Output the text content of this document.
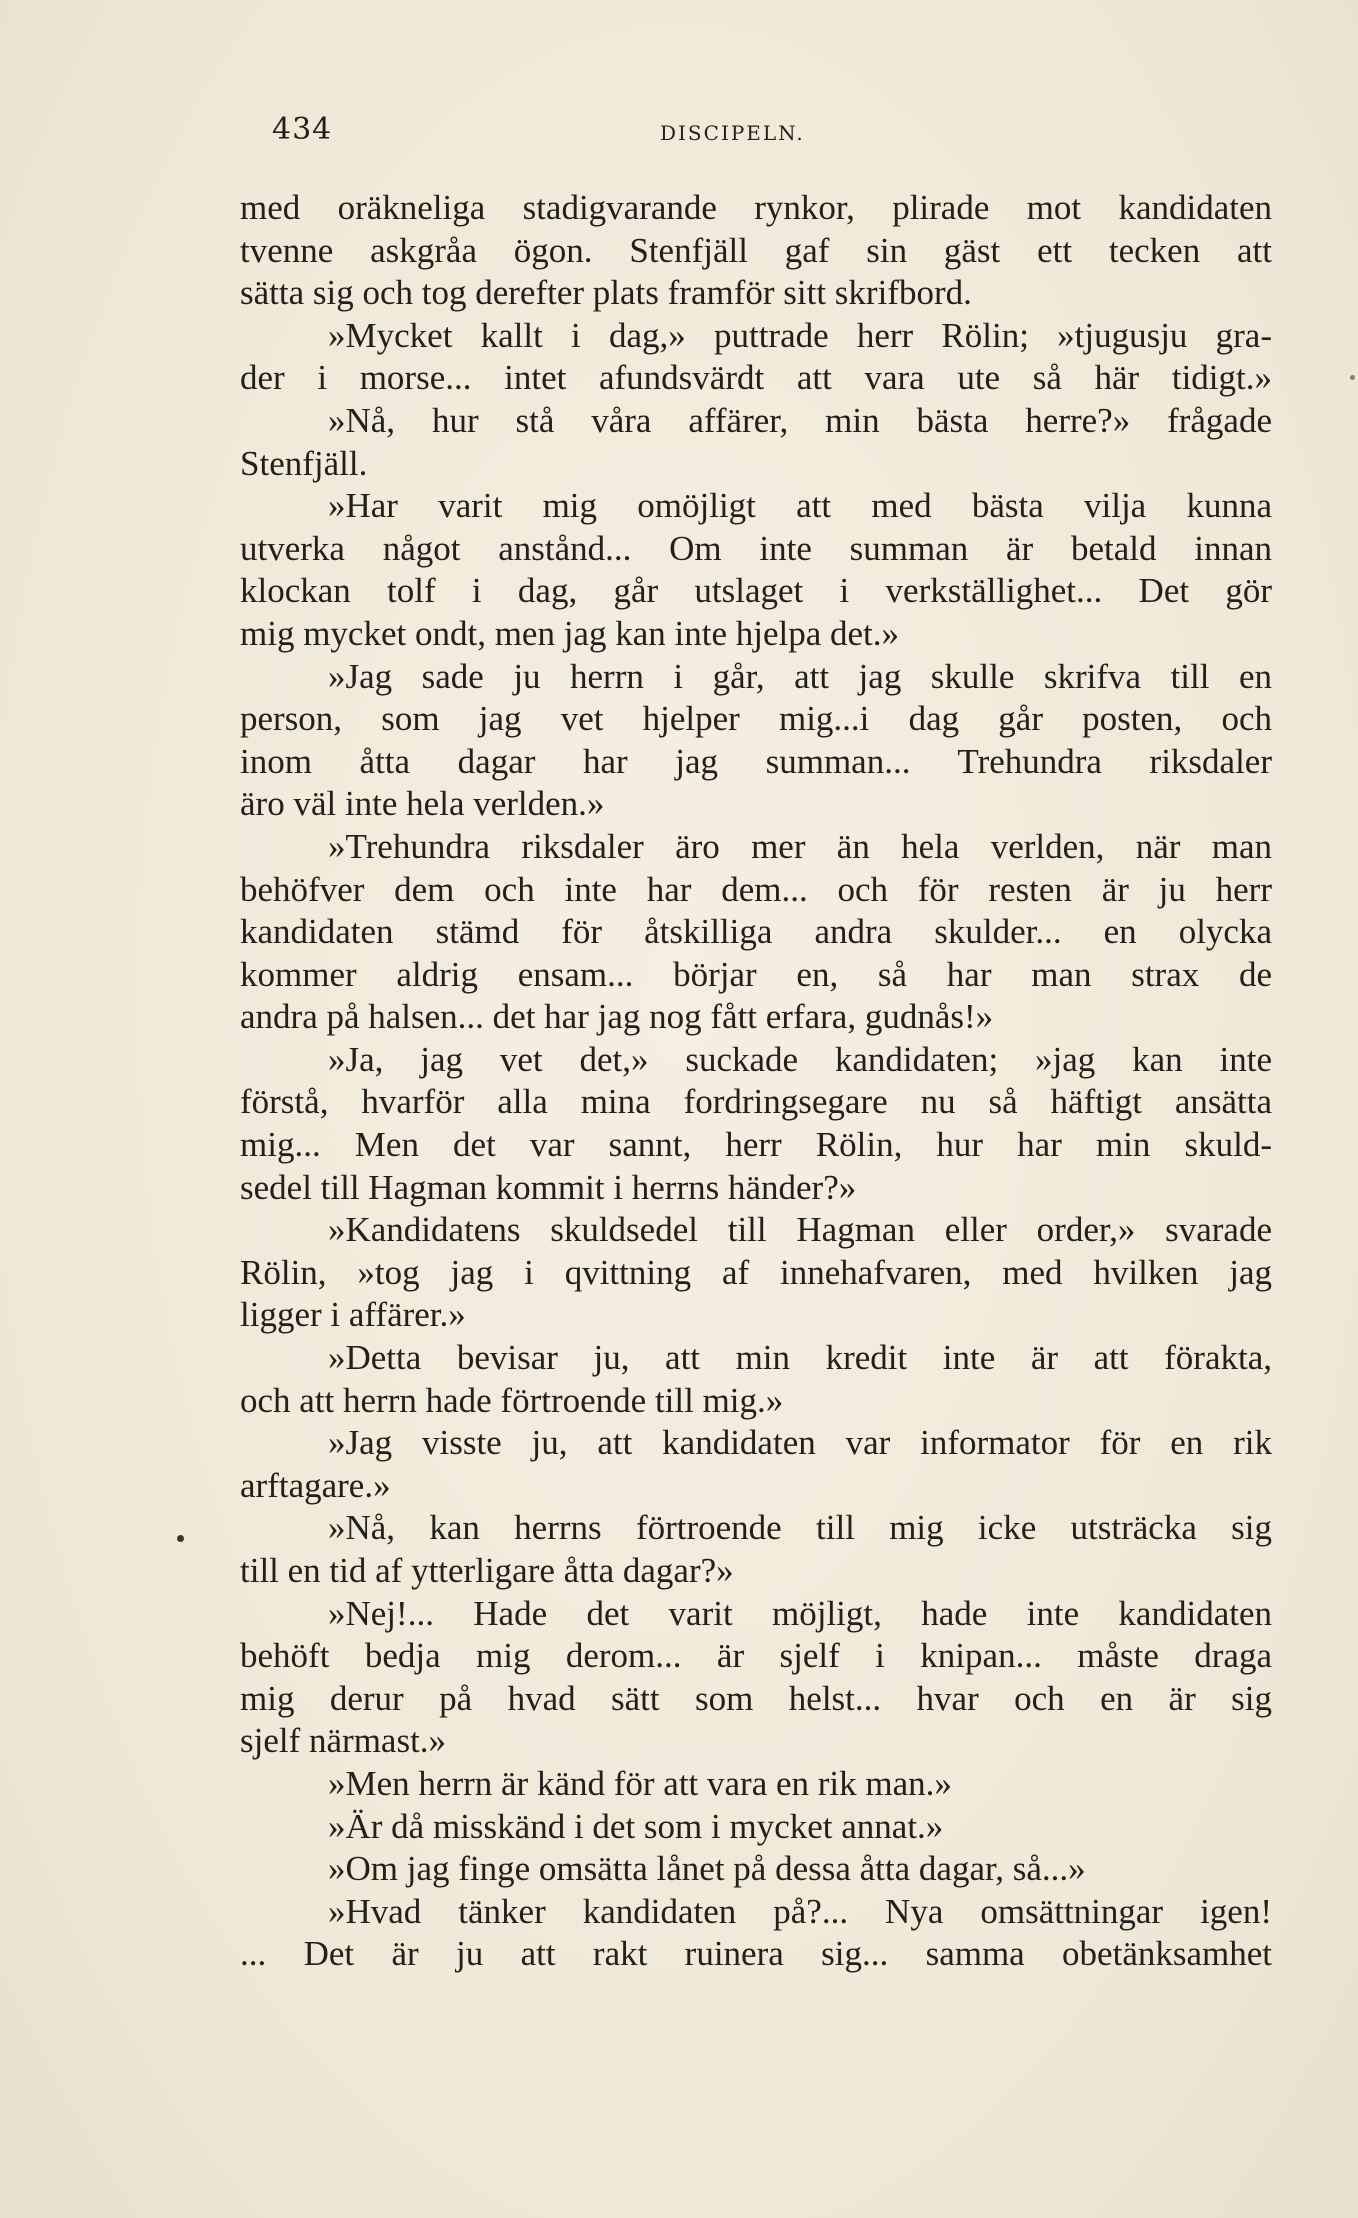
434	DISCIPELN.
med oräkneliga stadigvarande rynkor, plirade mot kandidaten
tvenne askgråa ögon. Stenfjäll gaf sin gäst ett tecken att
sätta sig och tog derefter plats framför sitt skrifbord.
»Mycket kallt i dag,» puttrade herr Rölin; »tjugusju gra-
der i morse... intet afundsvärdt att vara ute så här tidigt.»
»Nå, hur stå våra affärer, min bästa herre?» frågade
Stenfjäll.
»Har varit mig omöjligt att med bästa vilja kunna
utverka något anstånd... Om inte summan är betald innan
klockan tolf i dag, går utslaget i verkställighet... Det gör
mig mycket ondt, men jag kan inte hjelpa det.»
»Jag sade ju herrn i går, att jag skulle skrifva till en
person, som jag vet hjelper mig...i dag går posten, och
inom åtta dagar har jag summan... Trehundra riksdaler
äro väl inte hela verlden.»
»Trehundra riksdaler äro mer än hela verlden, när man
behöfver dem och inte har dem... och för resten är ju herr
kandidaten stämd för åtskilliga andra skulder... en olycka
kommer aldrig ensam... börjar en, så har man strax de
andra på halsen... det har jag nog fått erfara, gudnås!»
»Ja, jag vet det,» suckade kandidaten; »jag kan inte
förstå, hvarför alla mina fordringsegare nu så häftigt ansätta
mig... Men det var sannt, herr Rölin, hur har min skuld-
sedel till Hagman kommit i herrns händer?»
»Kandidatens skuldsedel till Hagman eller order,» svarade
Rölin, »tog jag i qvittning af innehafvaren, med hvilken jag
ligger i affärer.»
»Detta bevisar ju, att min kredit inte är att förakta,
och att herrn hade förtroende till mig.»
»Jag visste ju, att kandidaten var informator för en rik
arftagare.»
»Nå, kan herrns förtroende till mig icke utsträcka sig
till en tid af ytterligare åtta dagar?»
»Nej!... Hade det varit möjligt, hade inte kandidaten
behöft bedja mig derom... är sjelf i knipan... måste draga
mig derur på hvad sätt som helst... hvar och en är sig
sjelf närmast.»
»Men herrn är känd för att vara en rik man.»
»Är då misskänd i det som i mycket annat.»
»Om jag finge omsätta lånet på dessa åtta dagar, så...»
»Hvad tänker kandidaten på?... Nya omsättningar igen!
... Det är ju att rakt ruinera sig... samma obetänksamhet
